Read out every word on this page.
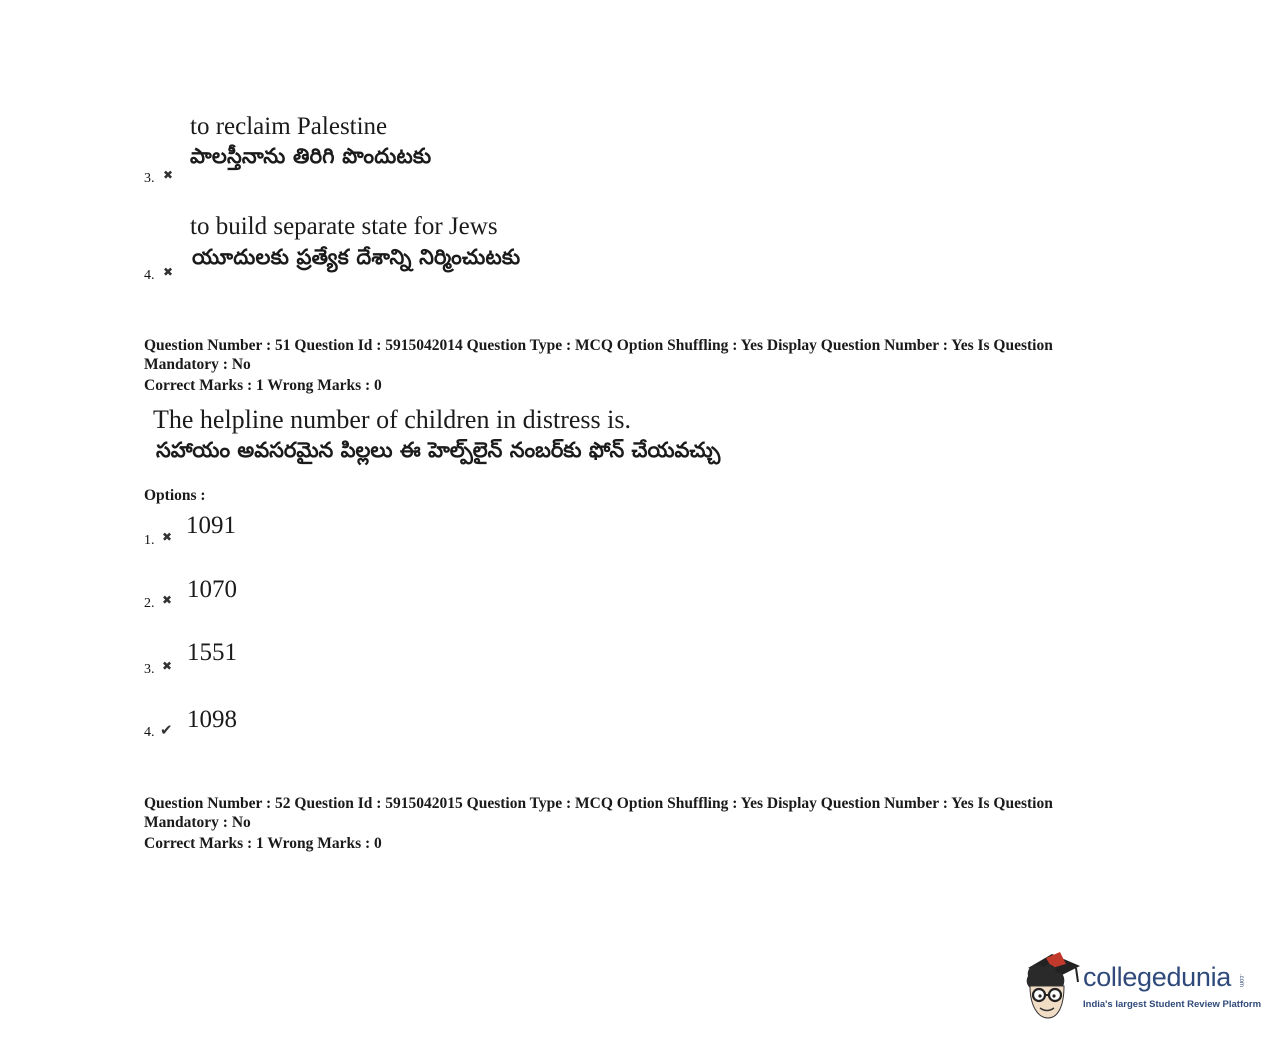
to reclaim Palestine
పాలస్తీనాను తిరిగి పొందుటకు
3. ✖
to build separate state for Jews
యూదులకు ప్రత్యేక దేశాన్ని నిర్మించుటకు
4. ✖
Question Number : 51 Question Id : 5915042014 Question Type : MCQ Option Shuffling : Yes Display Question Number : Yes Is Question
Mandatory : No
Correct Marks : 1 Wrong Marks : 0
The helpline number of children in distress is.
సహాయం అవసరమైన పిల్లలు ఈ హెల్ప్‌లైన్ నంబర్‌కు ఫోన్ చేయవచ్చు
Options :
1. ✖ 1091
2. ✖ 1070
3. ✖ 1551
4. ✔ 1098
Question Number : 52 Question Id : 5915042015 Question Type : MCQ Option Shuffling : Yes Display Question Number : Yes Is Question
Mandatory : No
Correct Marks : 1 Wrong Marks : 0
collegedunia .com
India's largest Student Review Platform
